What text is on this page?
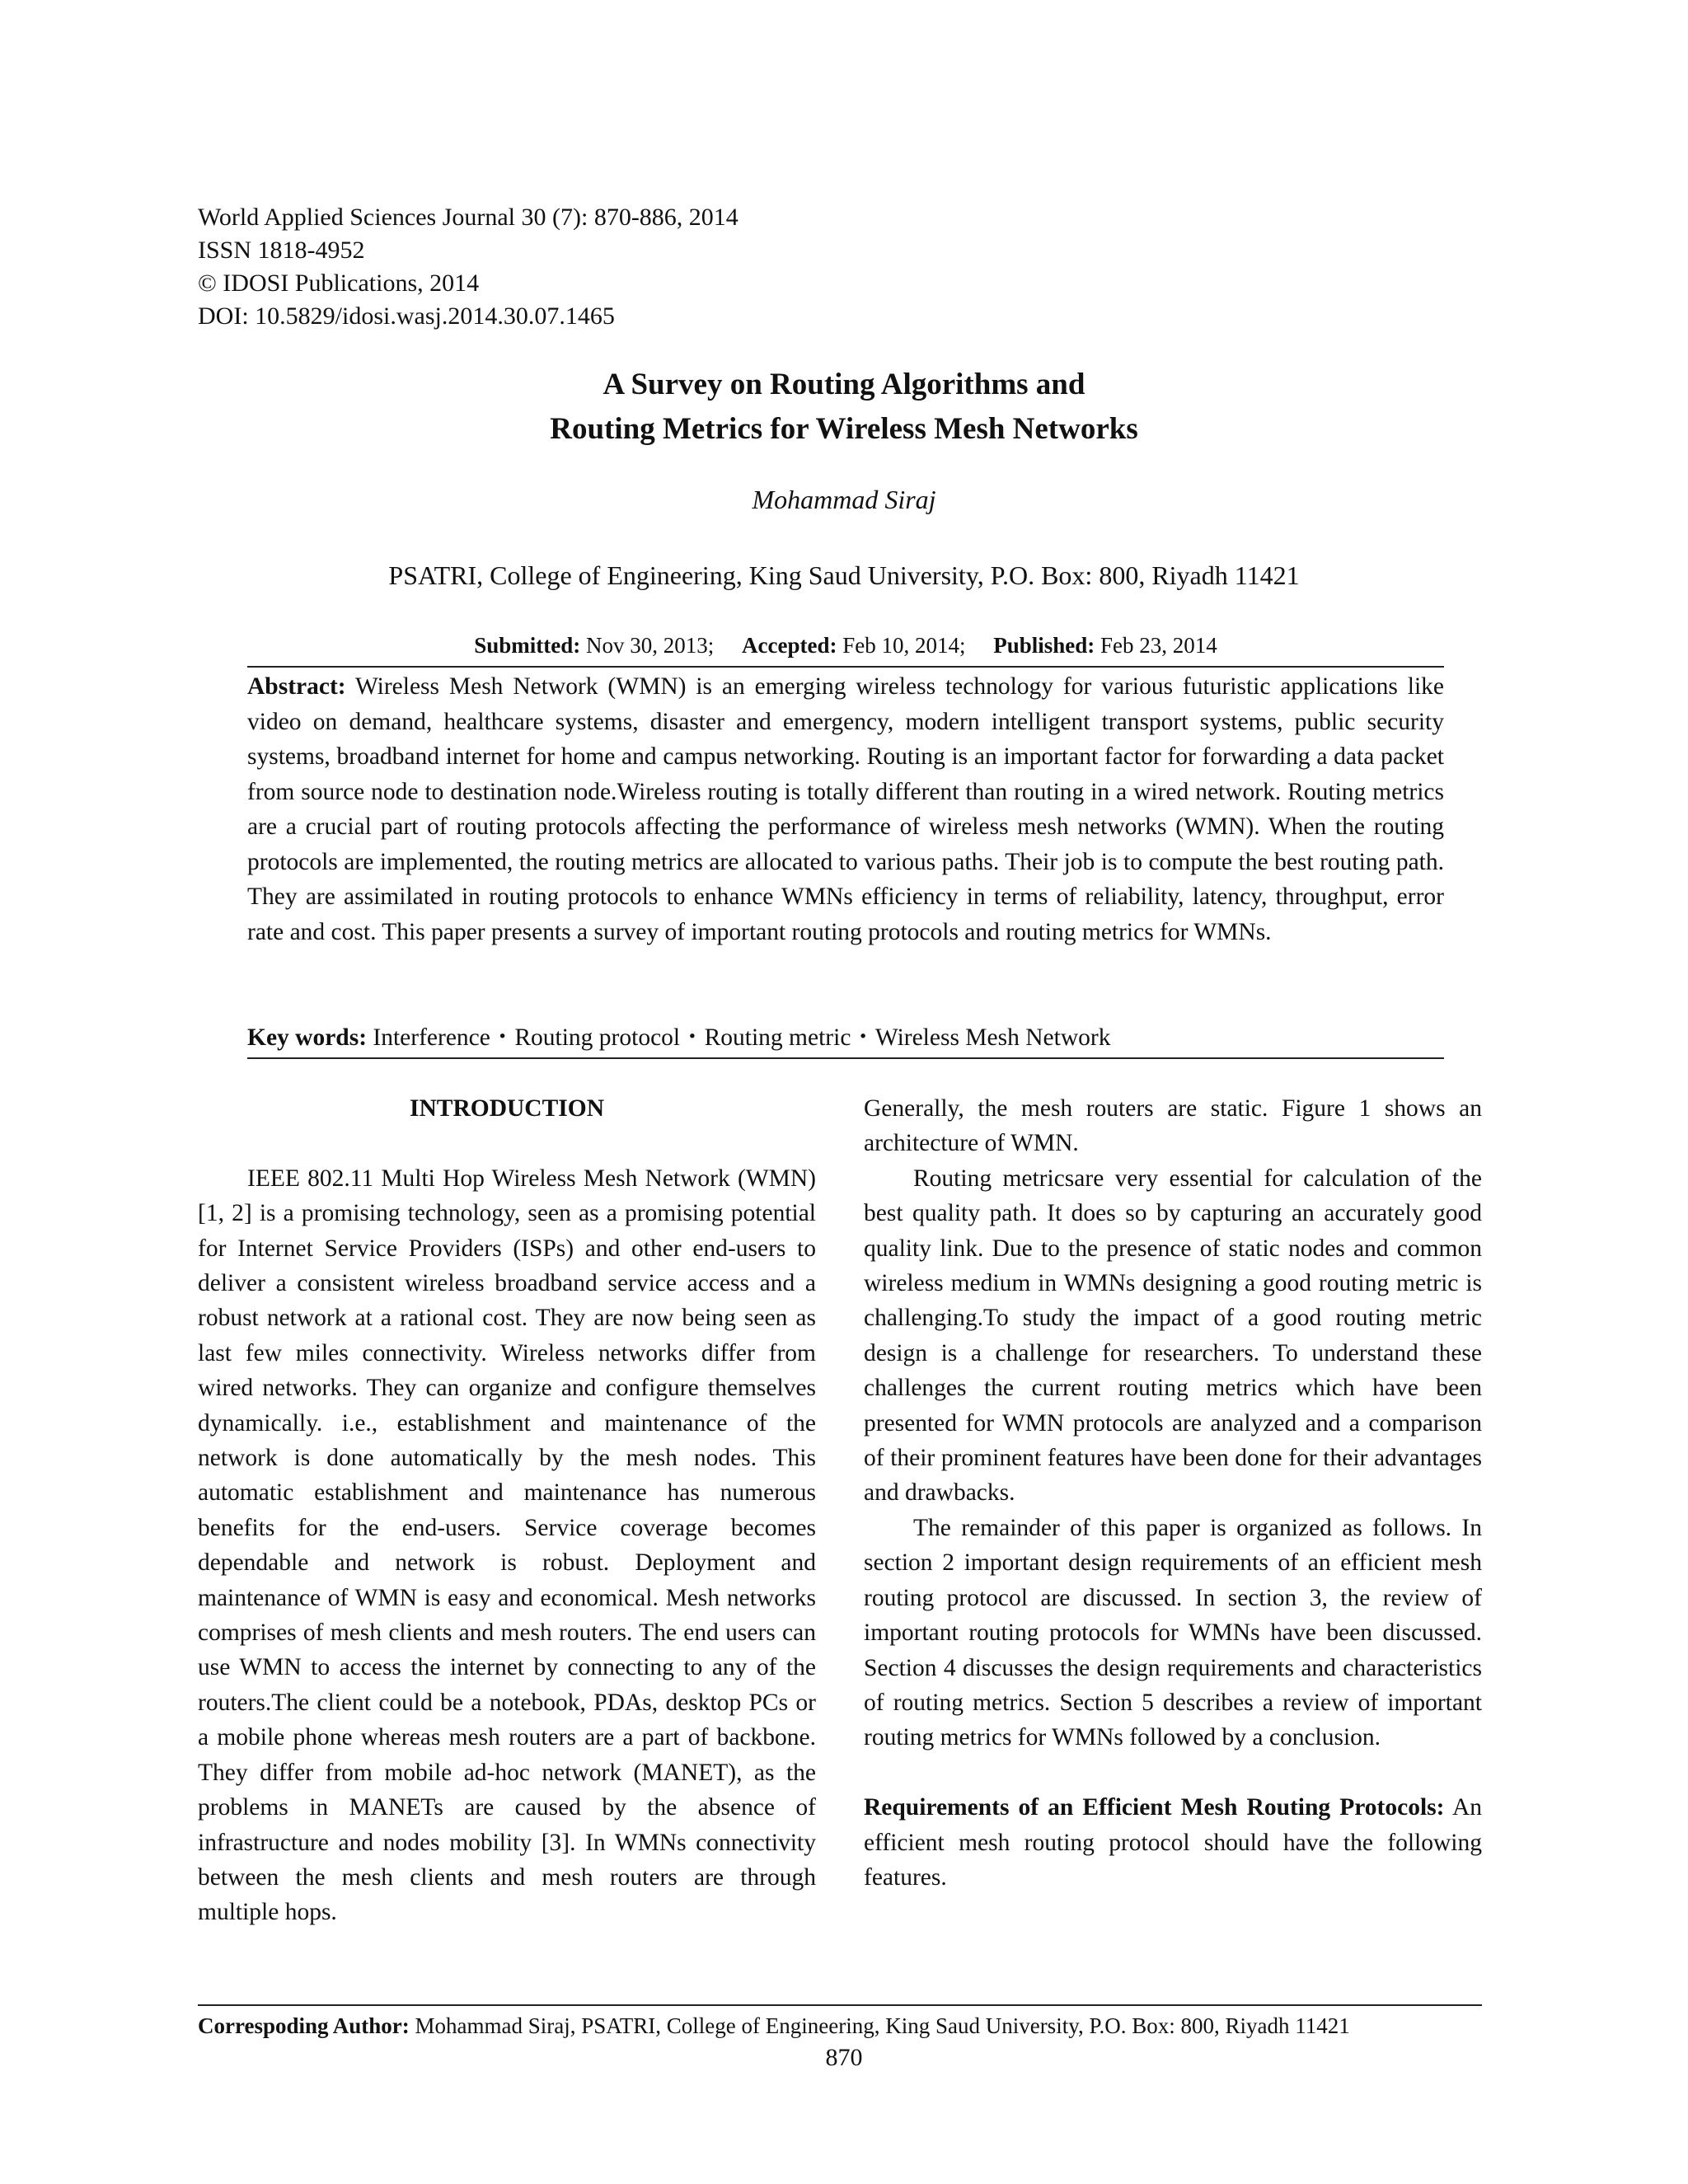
World Applied Sciences Journal 30 (7): 870-886, 2014
ISSN 1818-4952
© IDOSI Publications, 2014
DOI: 10.5829/idosi.wasj.2014.30.07.1465
A Survey on Routing Algorithms and
Routing Metrics for Wireless Mesh Networks
Mohammad Siraj
PSATRI, College of Engineering, King Saud University, P.O. Box: 800, Riyadh 11421
Submitted: Nov 30, 2013; Accepted: Feb 10, 2014; Published: Feb 23, 2014
Abstract: Wireless Mesh Network (WMN) is an emerging wireless technology for various futuristic applications like video on demand, healthcare systems, disaster and emergency, modern intelligent transport systems, public security systems, broadband internet for home and campus networking. Routing is an important factor for forwarding a data packet from source node to destination node.Wireless routing is totally different than routing in a wired network. Routing metrics are a crucial part of routing protocols affecting the performance of wireless mesh networks (WMN). When the routing protocols are implemented, the routing metrics are allocated to various paths. Their job is to compute the best routing path. They are assimilated in routing protocols to enhance WMNs efficiency in terms of reliability, latency, throughput, error rate and cost. This paper presents a survey of important routing protocols and routing metrics for WMNs.
Key words: Interference・Routing protocol・Routing metric・Wireless Mesh Network
INTRODUCTION

IEEE 802.11 Multi Hop Wireless Mesh Network (WMN) [1, 2] is a promising technology, seen as a promising potential for Internet Service Providers (ISPs) and other end-users to deliver a consistent wireless broadband service access and a robust network at a rational cost. They are now being seen as last few miles connectivity. Wireless networks differ from wired networks. They can organize and configure themselves dynamically. i.e., establishment and maintenance of the network is done automatically by the mesh nodes. This automatic establishment and maintenance has numerous benefits for the end-users. Service coverage becomes dependable and network is robust. Deployment and maintenance of WMN is easy and economical. Mesh networks comprises of mesh clients and mesh routers. The end users can use WMN to access the internet by connecting to any of the routers.The client could be a notebook, PDAs, desktop PCs or a mobile phone whereas mesh routers are a part of backbone. They differ from mobile ad-hoc network (MANET), as the problems in MANETs are caused by the absence of infrastructure and nodes mobility [3]. In WMNs connectivity between the mesh clients and mesh routers are through multiple hops.

Generally, the mesh routers are static. Figure 1 shows an architecture of WMN.

Routing metricsare very essential for calculation of the best quality path. It does so by capturing an accurately good quality link. Due to the presence of static nodes and common wireless medium in WMNs designing a good routing metric is challenging.To study the impact of a good routing metric design is a challenge for researchers. To understand these challenges the current routing metrics which have been presented for WMN protocols are analyzed and a comparison of their prominent features have been done for their advantages and drawbacks.

The remainder of this paper is organized as follows. In section 2 important design requirements of an efficient mesh routing protocol are discussed. In section 3, the review of important routing protocols for WMNs have been discussed. Section 4 discusses the design requirements and characteristics of routing metrics. Section 5 describes a review of important routing metrics for WMNs followed by a conclusion.

Requirements of an Efficient Mesh Routing Protocols: An efficient mesh routing protocol should have the following features.

Correspoding Author: Mohammad Siraj, PSATRI, College of Engineering, King Saud University, P.O. Box: 800, Riyadh 11421
870
